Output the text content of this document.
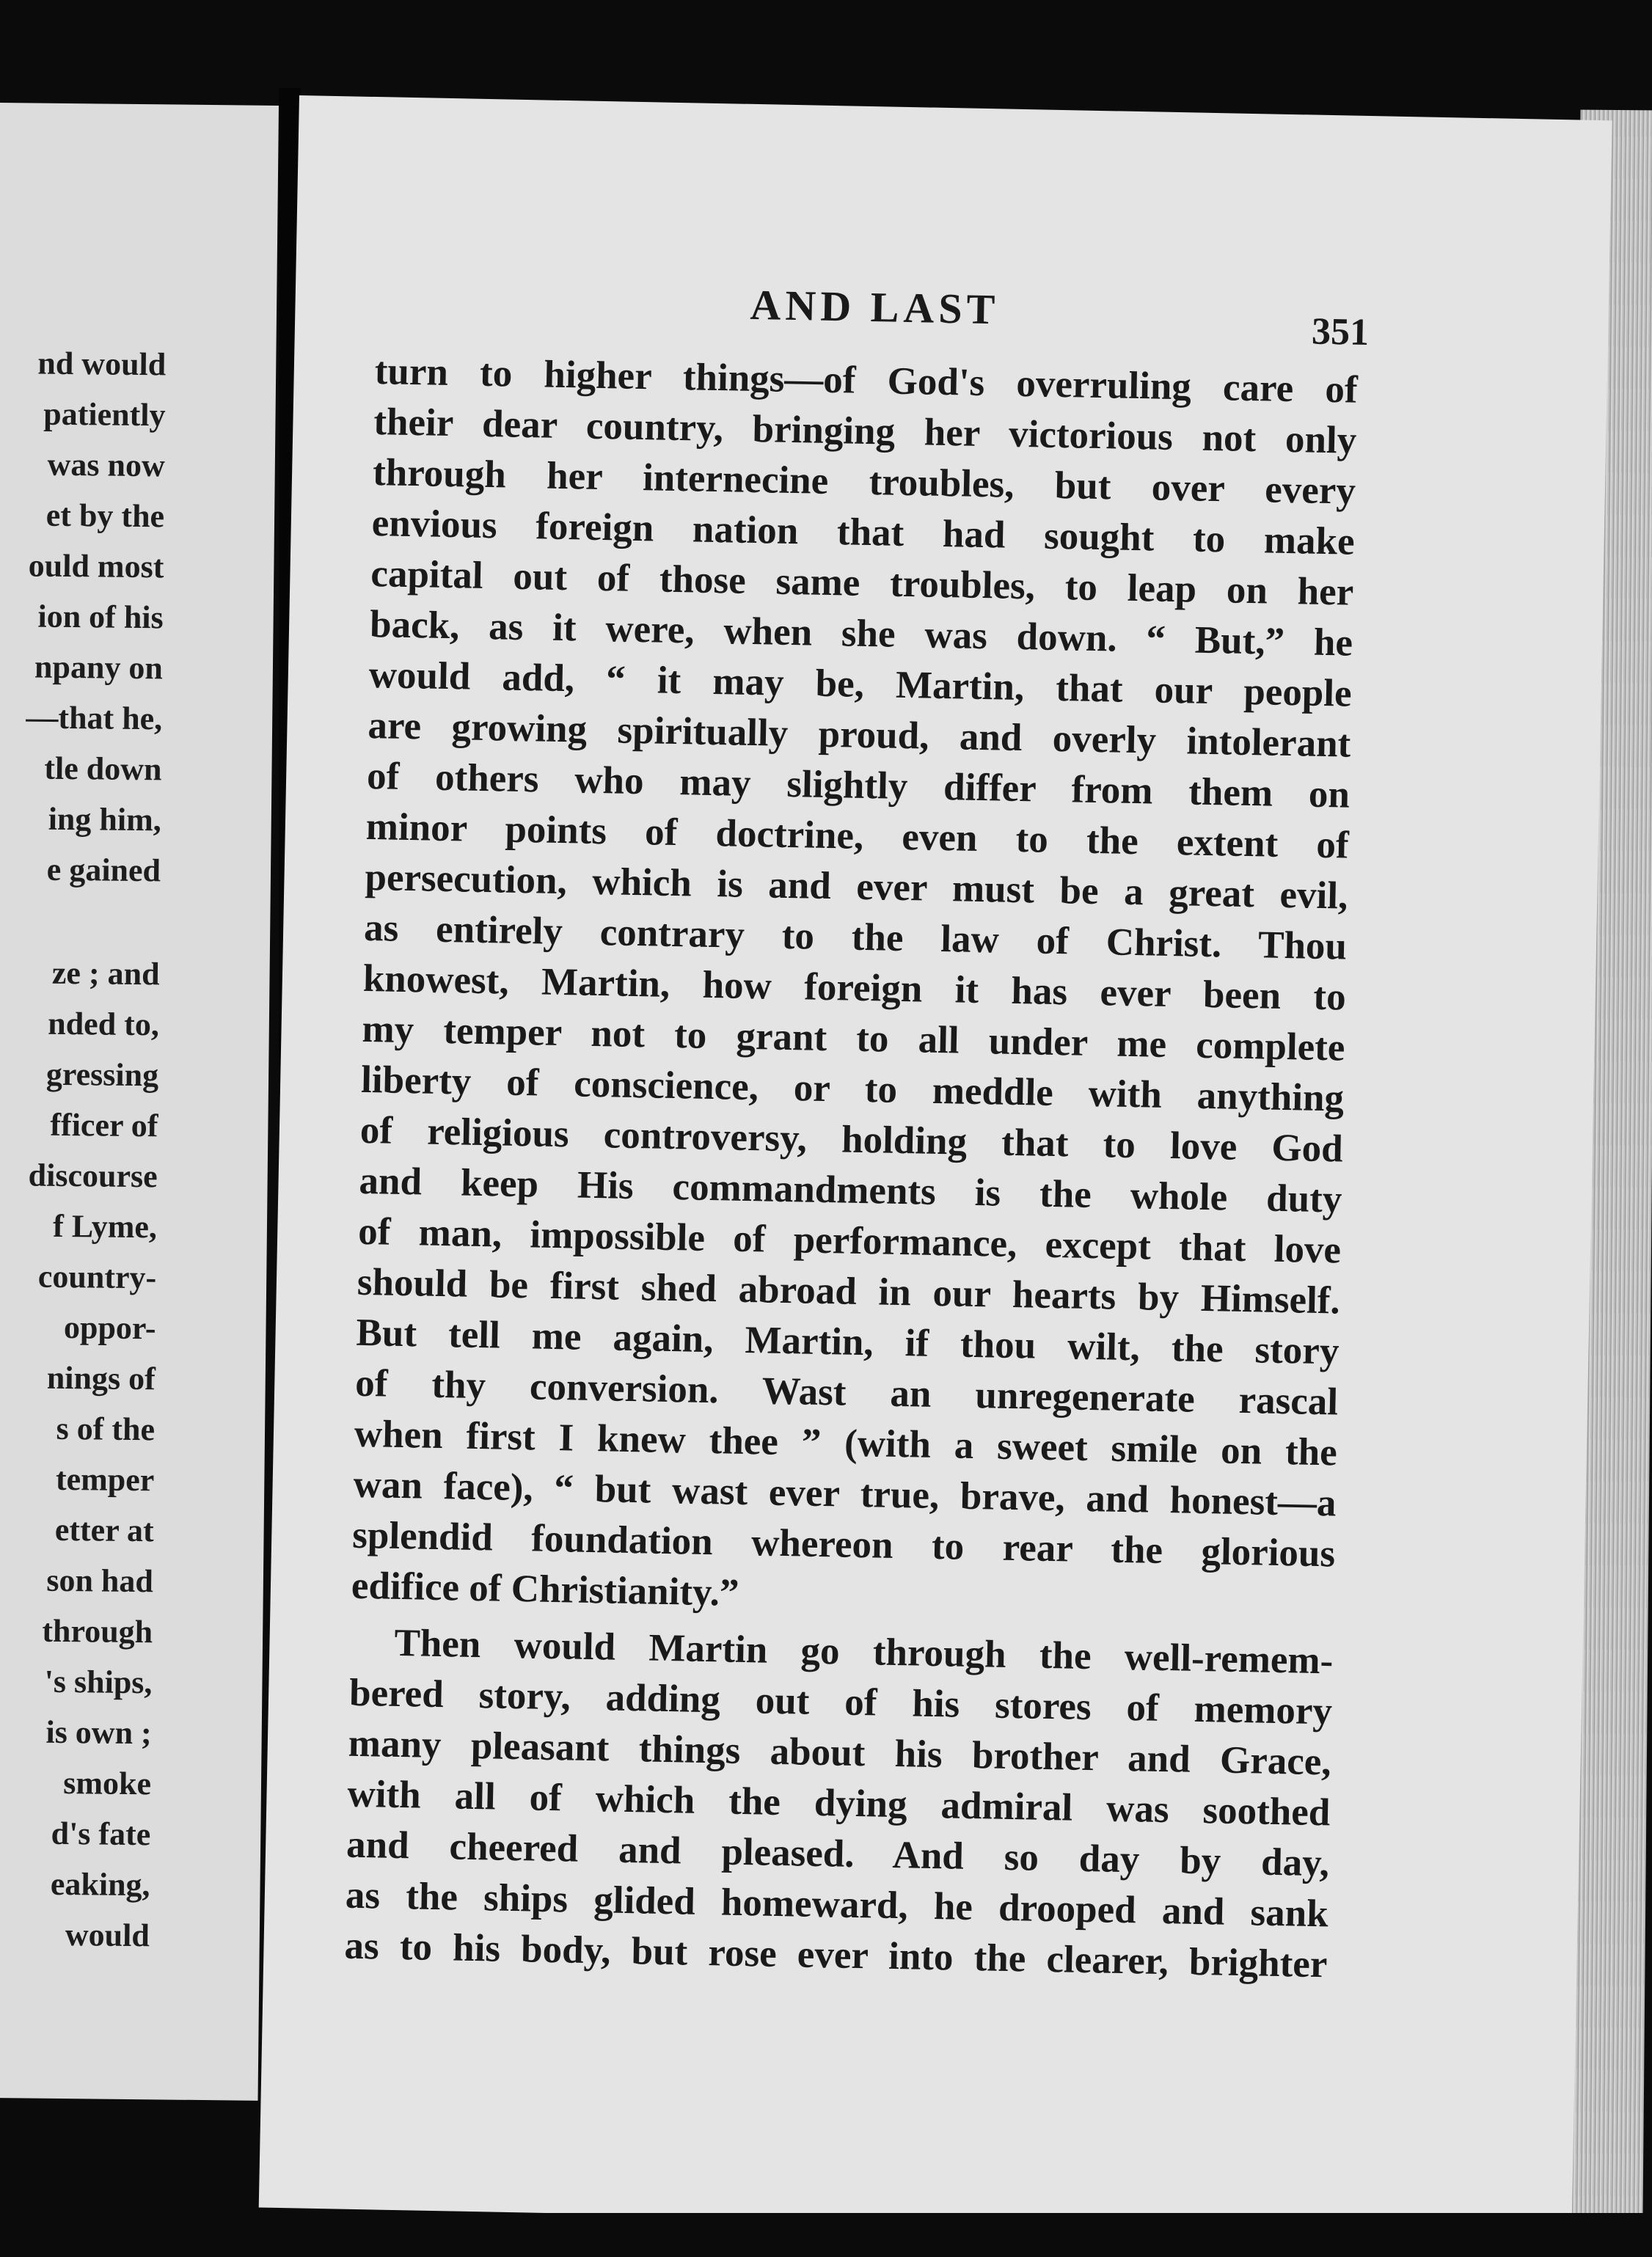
nd would
patiently
was now
et by the
ould most
ion of his
npany on
—that he,
tle down
ing him,
e gained
ze ; and
nded to,
gressing
fficer of
discourse
f Lyme,
country-
oppor-
nings of
s of the
temper
etter at
son had
through
's ships,
is own ;
smoke
d's fate
eaking,
would
AND LAST	351
turn to higher things—of God's overruling care of
their dear country, bringing her victorious not only
through her internecine troubles, but over every
envious foreign nation that had sought to make
capital out of those same troubles, to leap on her
back, as it were, when she was down. “ But,” he
would add, “ it may be, Martin, that our people
are growing spiritually proud, and overly intolerant
of others who may slightly differ from them on
minor points of doctrine, even to the extent of
persecution, which is and ever must be a great evil,
as entirely contrary to the law of Christ. Thou
knowest, Martin, how foreign it has ever been to
my temper not to grant to all under me complete
liberty of conscience, or to meddle with anything
of religious controversy, holding that to love God
and keep His commandments is the whole duty
of man, impossible of performance, except that love
should be first shed abroad in our hearts by Himself.
But tell me again, Martin, if thou wilt, the story
of thy conversion. Wast an unregenerate rascal
when first I knew thee ” (with a sweet smile on the
wan face), “ but wast ever true, brave, and honest—a
splendid foundation whereon to rear the glorious
edifice of Christianity.”
Then would Martin go through the well-remem-
bered story, adding out of his stores of memory
many pleasant things about his brother and Grace,
with all of which the dying admiral was soothed
and cheered and pleased. And so day by day,
as the ships glided homeward, he drooped and sank
as to his body, but rose ever into the clearer, brighter
